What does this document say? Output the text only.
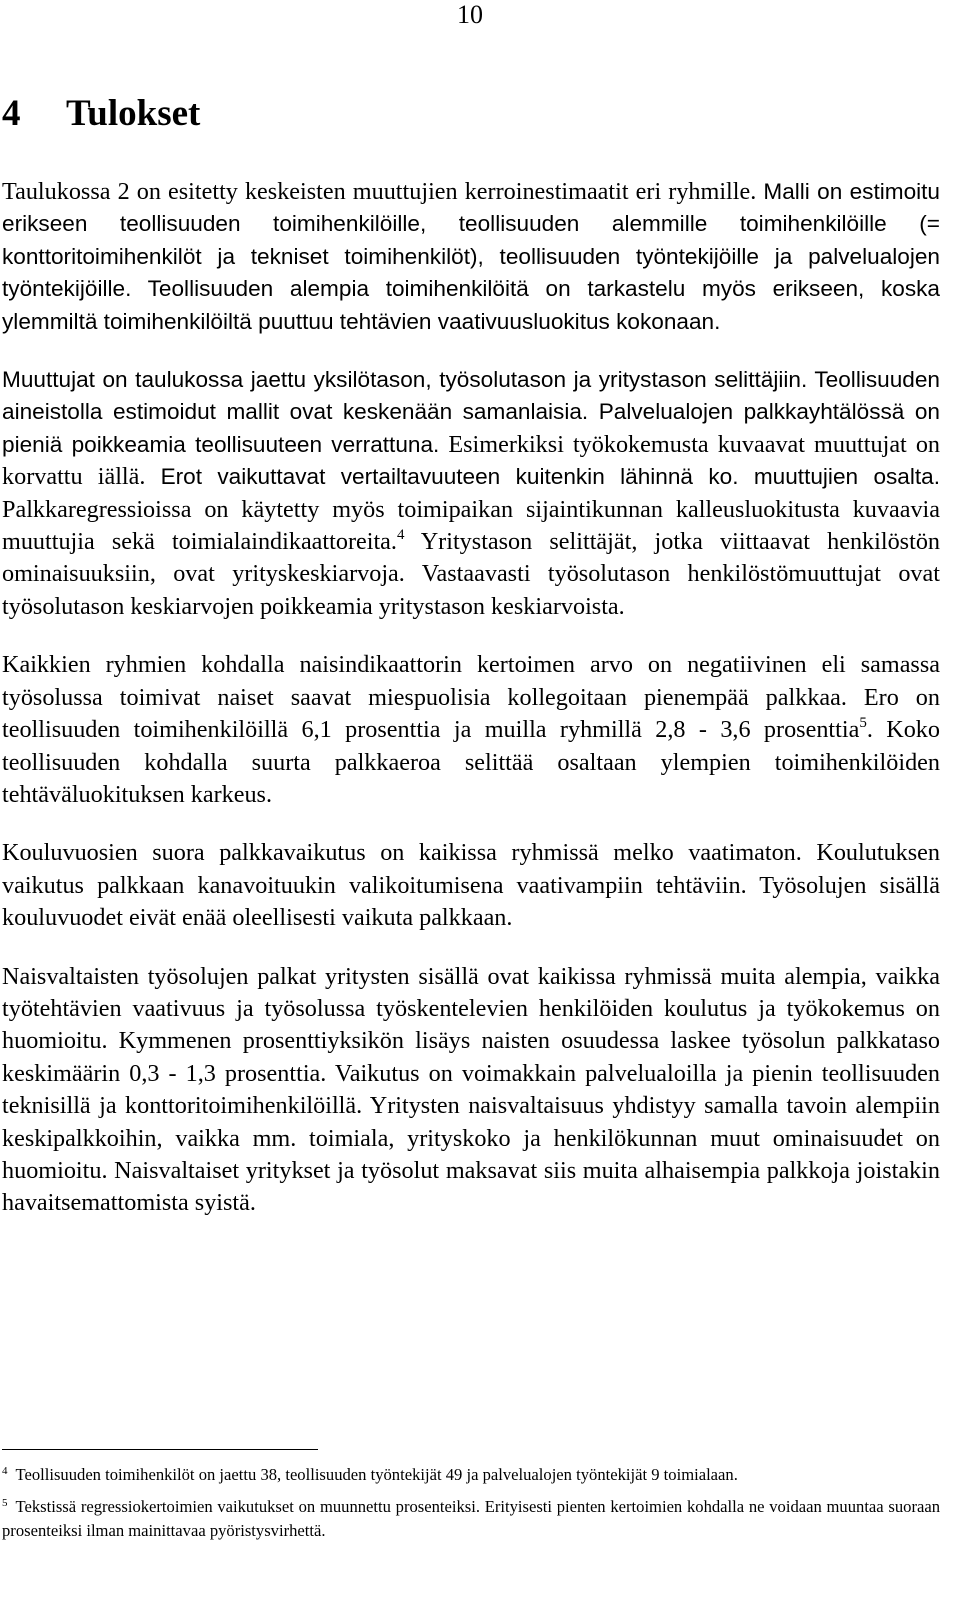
10
4 Tulokset

Taulukossa 2 on esitetty keskeisten muuttujien kerroinestimaatit eri ryhmille. Malli on estimoitu erikseen teollisuuden toimihenkilöille, teollisuuden alemmille toimihenkilöille (= konttoritoimihenkilöt ja tekniset toimihenkilöt), teollisuuden työntekijöille ja palvelualojen työntekijöille. Teollisuuden alempia toimihenkilöitä on tarkastelu myös erikseen, koska ylemmiltä toimihenkilöiltä puuttuu tehtävien vaativuusluokitus kokonaan.

Muuttujat on taulukossa jaettu yksilötason, työsolutason ja yritystason selittäjiin. Teollisuuden aineistolla estimoidut mallit ovat keskenään samanlaisia. Palvelualojen palkkayhtälössä on pieniä poikkeamia teollisuuteen verrattuna. Esimerkiksi työkokemusta kuvaavat muuttujat on korvattu iällä. Erot vaikuttavat vertailtavuuteen kuitenkin lähinnä ko. muuttujien osalta. Palkkaregressioissa on käytetty myös toimipaikan sijaintikunnan kalleusluokitusta kuvaavia muuttujia sekä toimialaindikaattoreita.$^4$ Yritystason selittäjät, jotka viittaavat henkilöstön ominaisuuksiin, ovat yrityskeskiarvoja. Vastaavasti työsolutason henkilöstömuuttujat ovat työsolutason keskiarvojen poikkeamia yritystason keskiarvoista.

Kaikkien ryhmien kohdalla naisindikaattorin kertoimen arvo on negatiivinen eli samassa työsolussa toimivat naiset saavat miespuolisia kollegoitaan pienempää palkkaa. Ero on teollisuuden toimihenkilöillä 6,1 prosenttia ja muilla ryhmillä 2,8 - 3,6 prosenttia$^5$. Koko teollisuuden kohdalla suurta palkkaeroa selittää osaltaan ylempien toimihenkilöiden tehtäväluokituksen karkeus.

Kouluvuosien suora palkkavaikutus on kaikissa ryhmissä melko vaatimaton. Koulutuksen vaikutus palkkaan kanavoituukin valikoitumisena vaativampiin tehtäviin. Työsolujen sisällä kouluvuodet eivät enää oleellisesti vaikuta palkkaan.

Naisvaltaisten työsolujen palkat yritysten sisällä ovat kaikissa ryhmissä muita alempia, vaikka työtehtävien vaativuus ja työsolussa työskentelevien henkilöiden koulutus ja työkokemus on huomioitu. Kymmenen prosenttiyksikön lisäys naisten osuudessa laskee työsolun palkkataso keskimäärin 0,3 - 1,3 prosenttia. Vaikutus on voimakkain palvelualoilla ja pienin teollisuuden teknisillä ja konttoritoimihenkilöillä. Yritysten naisvaltaisuus yhdistyy samalla tavoin alempiin keskipalkkoihin, vaikka mm. toimiala, yrityskoko ja henkilökunnan muut ominaisuudet on huomioitu. Naisvaltaiset yritykset ja työsolut maksavat siis muita alhaisempia palkkoja joistakin havaitsemattomista syistä.

$^4$ Teollisuuden toimihenkilöt on jaettu 38, teollisuuden työntekijät 49 ja palvelualojen työntekijät 9 toimialaan.
$^5$ Tekstissä regressiokertoimien vaikutukset on muunnettu prosenteiksi. Erityisesti pienten kertoimien kohdalla ne voidaan muuntaa suoraan prosenteiksi ilman mainittavaa pyöristysvirhettä.
